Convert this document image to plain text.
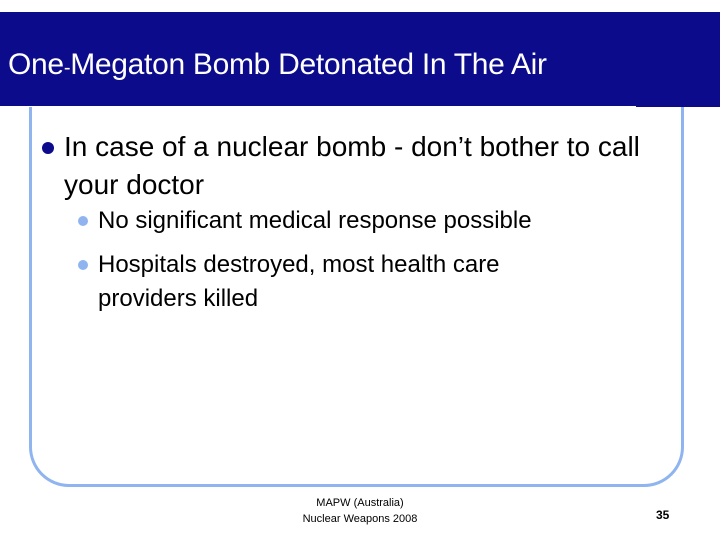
One-Megaton Bomb Detonated In The Air
In case of a nuclear bomb - don’t bother to call your doctor
No significant medical response possible
Hospitals destroyed, most health care providers killed
MAPW (Australia)
Nuclear Weapons 2008	35
